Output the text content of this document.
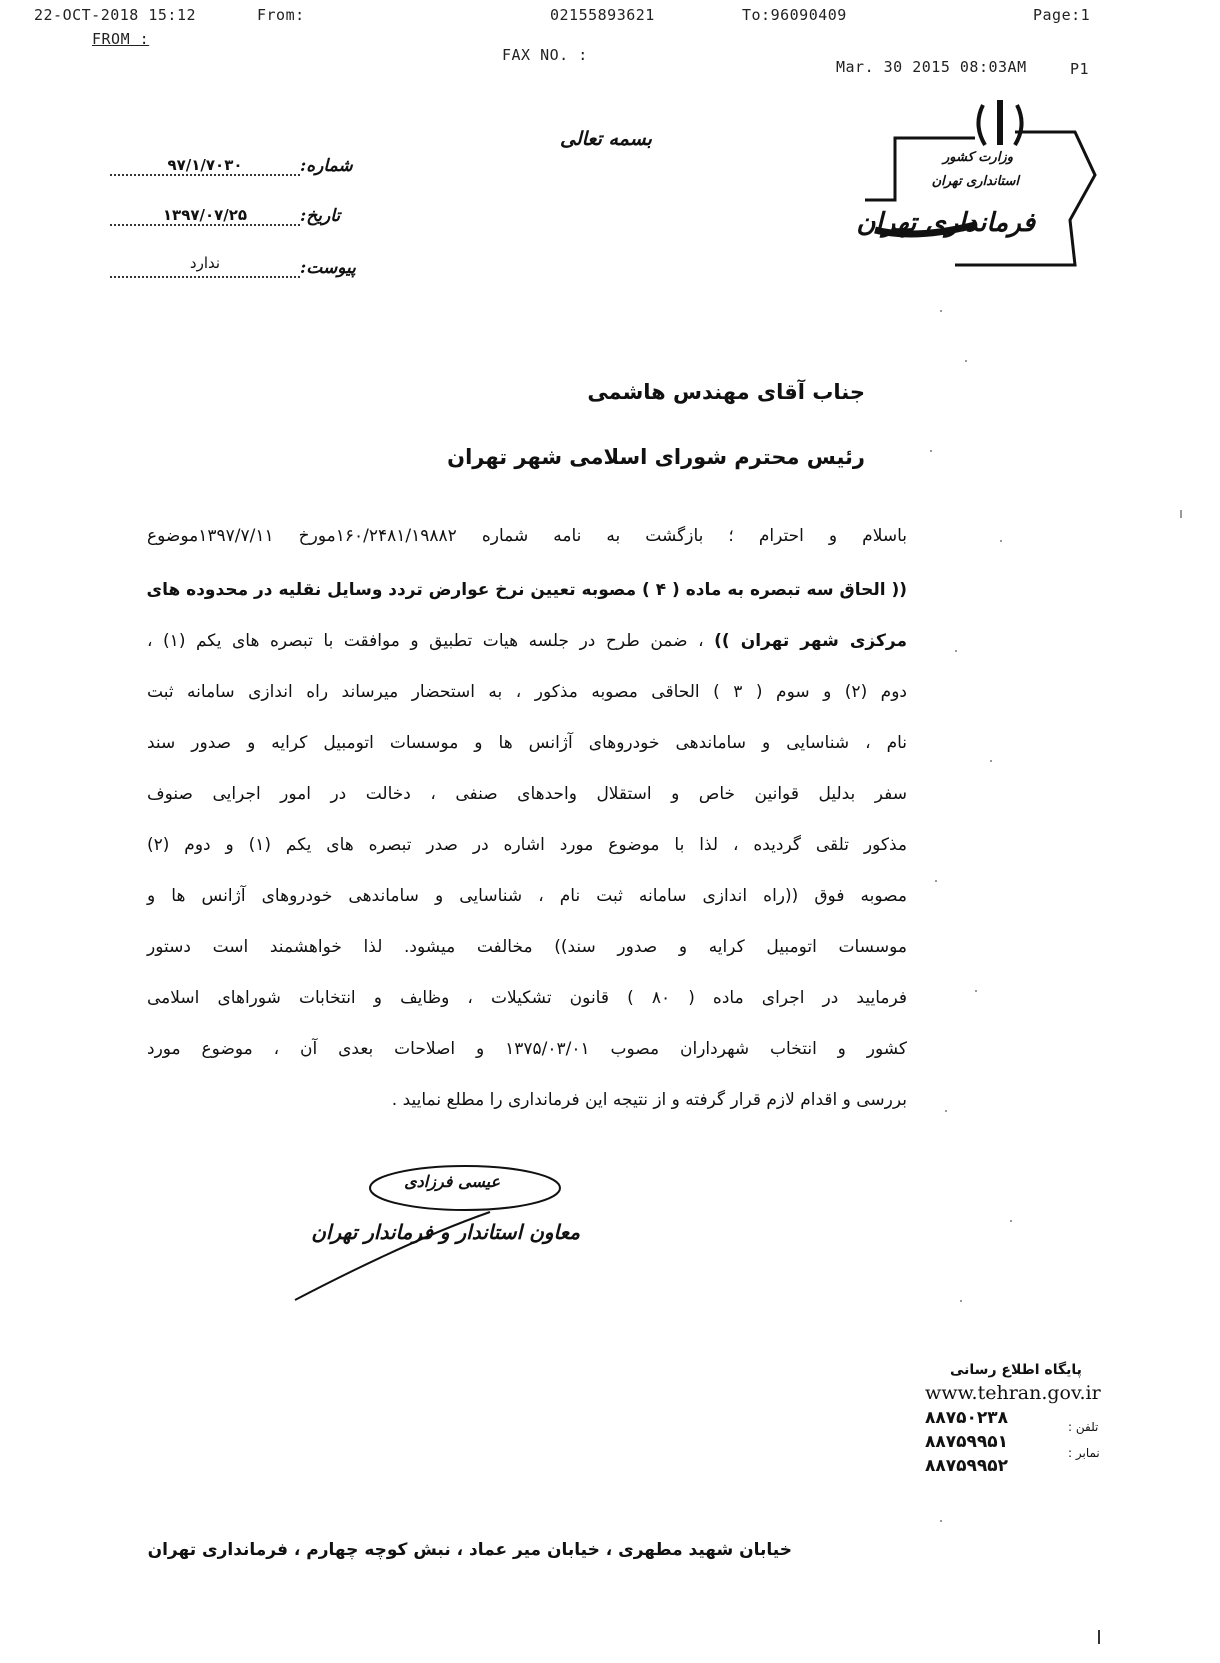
22-OCT-2018 15:12	From:	02155893621	To:96090409	Page:1
FROM :
FAX NO. :
Mar. 30 2015 08:03AM	P1
بسمه تعالی
وزارت کشور
استانداری تهران
فرمانداری تهران
شماره:
۹۷/۱/۷۰۳۰
تاریخ:
۱۳۹۷/۰۷/۲۵
پیوست:
ندارد
جناب آقای مهندس هاشمی
رئیس محترم شورای اسلامی شهر تهران
باسلام و احترام ؛ بازگشت به نامه شماره ۱۶۰/۲۴۸۱/۱۹۸۸۲مورخ ۱۳۹۷/۷/۱۱موضوع
(( الحاق سه تبصره به ماده ( ۴ ) مصوبه تعیین نرخ عوارض تردد وسایل نقلیه در محدوده های
مرکزی شهر تهران )) ، ضمن طرح در جلسه هیات تطبیق و موافقت با تبصره های یکم (۱) ،
دوم (۲) و سوم ( ۳ ) الحاقی مصوبه مذکور ، به استحضار میرساند راه اندازی سامانه ثبت
نام ، شناسایی و ساماندهی خودروهای آژانس ها و موسسات اتومبیل کرایه و صدور سند
سفر بدلیل قوانین خاص و استقلال واحدهای صنفی ، دخالت در امور اجرایی صنوف
مذکور تلقی گردیده ، لذا با موضوع مورد اشاره در صدر تبصره های یکم (۱) و دوم (۲)
مصوبه فوق ((راه اندازی سامانه ثبت نام ، شناسایی و ساماندهی خودروهای آژانس ها و
موسسات اتومبیل کرایه و صدور سند)) مخالفت میشود. لذا خواهشمند است دستور
فرمایید در اجرای ماده ( ۸۰ ) قانون تشکیلات ، وظایف و انتخابات شوراهای اسلامی
کشور و انتخاب شهرداران مصوب ۱۳۷۵/۰۳/۰۱ و اصلاحات بعدی آن ، موضوع مورد
بررسی و اقدام لازم قرار گرفته و از نتیجه این فرمانداری را مطلع نمایید .
عیسی فرزادی
معاون استاندار و فرماندار تهران
پایگاه اطلاع رسانی
www.tehran.gov.ir
۸۸۷۵۰۲۳۸
۸۸۷۵۹۹۵۱
۸۸۷۵۹۹۵۲
تلفن :
نمابر :
خیابان شهید مطهری ، خیابان میر عماد ، نبش کوچه چهارم ، فرمانداری تهران
